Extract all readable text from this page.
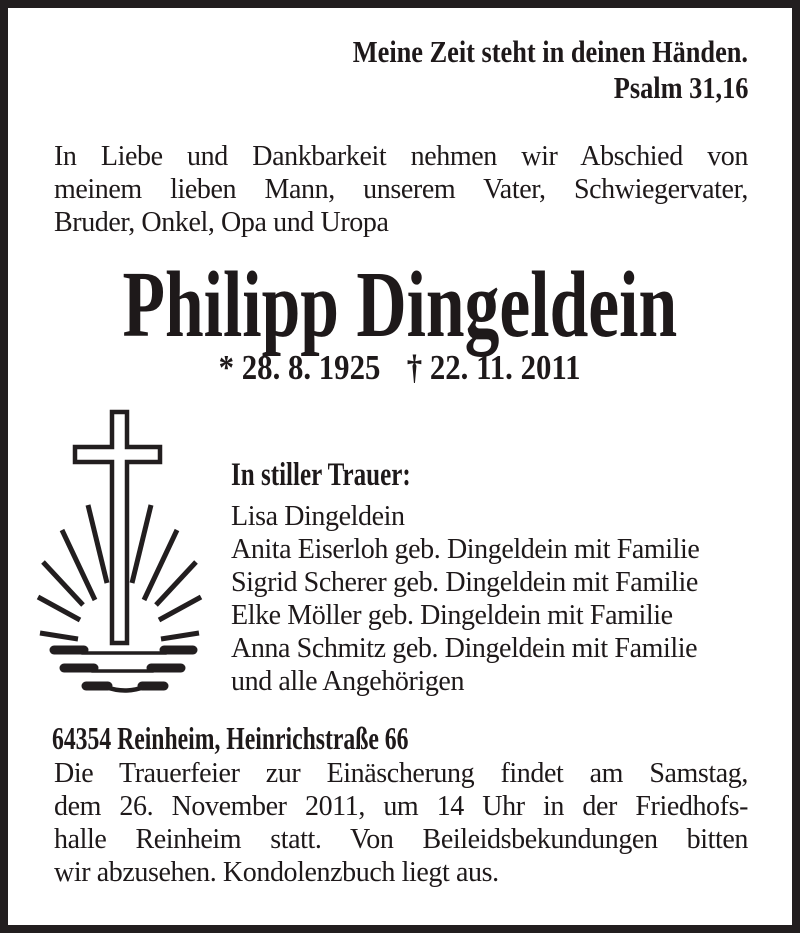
Meine Zeit steht in deinen Händen.
Psalm 31,16
In Liebe und Dankbarkeit nehmen wir Abschied von
meinem lieben Mann, unserem Vater, Schwiegervater,
Bruder, Onkel, Opa und Uropa
Philipp Dingeldein
* 28. 8. 1925 † 22. 11. 2011
In stiller Trauer:
Lisa Dingeldein
Anita Eiserloh geb. Dingeldein mit Familie
Sigrid Scherer geb. Dingeldein mit Familie
Elke Möller geb. Dingeldein mit Familie
Anna Schmitz geb. Dingeldein mit Familie
und alle Angehörigen
64354 Reinheim, Heinrichstraße 66
Die Trauerfeier zur Einäscherung findet am Samstag,
dem 26. November 2011, um 14 Uhr in der Friedhofs-
halle Reinheim statt. Von Beileidsbekundungen bitten
wir abzusehen. Kondolenzbuch liegt aus.
